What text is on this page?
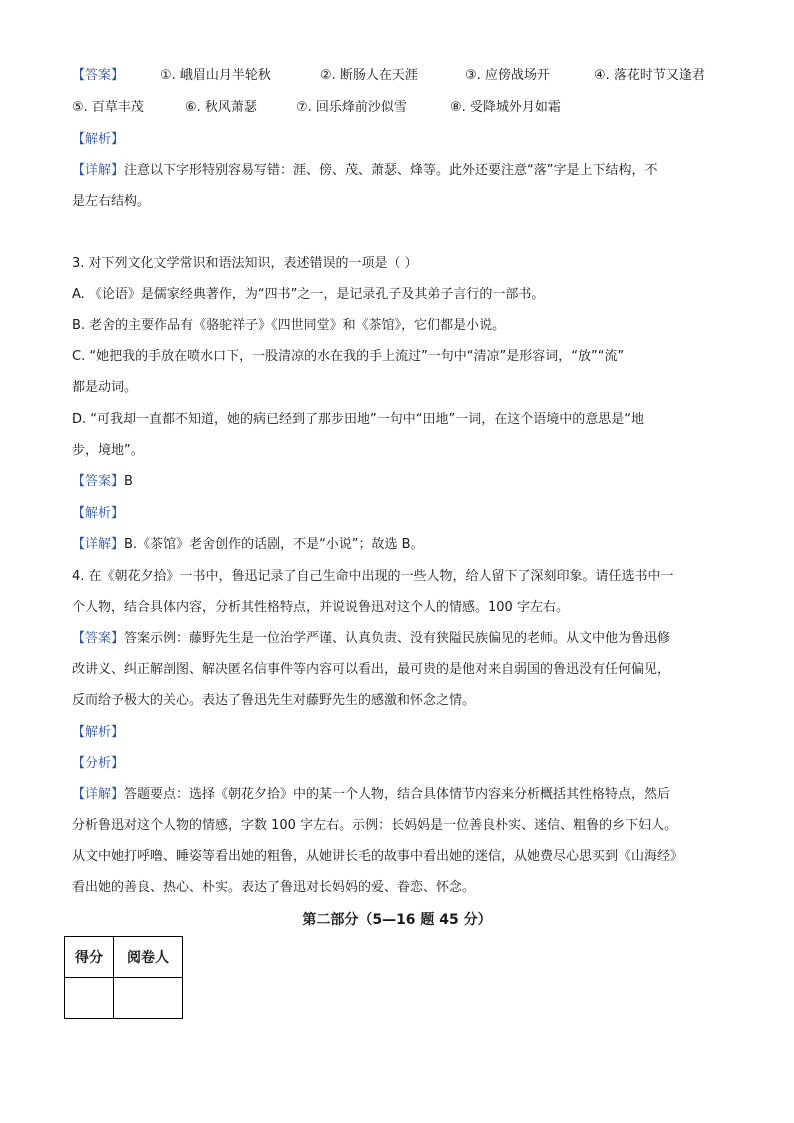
【答案】	①. 峨眉山月半轮秋	②. 断肠人在天涯	③. 应傍战场开	④. 落花时节又逢君
⑤. 百草丰茂	⑥. 秋风萧瑟	⑦. 回乐烽前沙似雪	⑧. 受降城外月如霜
【解析】
【详解】注意以下字形特别容易写错：涯、傍、茂、萧瑟、烽等。此外还要注意“落”字是上下结构，不
是左右结构。
3. 对下列文化文学常识和语法知识，表述错误的一项是（ ）
A. 《论语》是儒家经典著作，为“四书”之一，是记录孔子及其弟子言行的一部书。
B. 老舍的主要作品有《骆驼祥子》《四世同堂》和《茶馆》，它们都是小说。
C. “她把我的手放在喷水口下，一股清凉的水在我的手上流过”一句中“清凉”是形容词，“放”“流”
都是动词。
D. “可我却一直都不知道，她的病已经到了那步田地”一句中“田地”一词，在这个语境中的意思是“地
步，境地”。
【答案】B
【解析】
【详解】B.《茶馆》老舍创作的话剧，不是“小说”；故选 B。
4. 在《朝花夕拾》一书中，鲁迅记录了自己生命中出现的一些人物，给人留下了深刻印象。请任选书中一
个人物，结合具体内容，分析其性格特点，并说说鲁迅对这个人的情感。100 字左右。
【答案】答案示例：藤野先生是一位治学严谨、认真负责、没有狭隘民族偏见的老师。从文中他为鲁迅修
改讲义、纠正解剖图、解决匿名信事件等内容可以看出，最可贵的是他对来自弱国的鲁迅没有任何偏见，
反而给予极大的关心。表达了鲁迅先生对藤野先生的感激和怀念之情。
【解析】
【分析】
【详解】答题要点：选择《朝花夕拾》中的某一个人物，结合具体情节内容来分析概括其性格特点，然后
分析鲁迅对这个人物的情感，字数 100 字左右。示例：长妈妈是一位善良朴实、迷信、粗鲁的乡下妇人。
从文中她打呼噜、睡姿等看出她的粗鲁，从她讲长毛的故事中看出她的迷信，从她费尽心思买到《山海经》
看出她的善良、热心、朴实。表达了鲁迅对长妈妈的爱、眷恋、怀念。
第二部分（5—16 题 45 分）
得分	阅卷人
